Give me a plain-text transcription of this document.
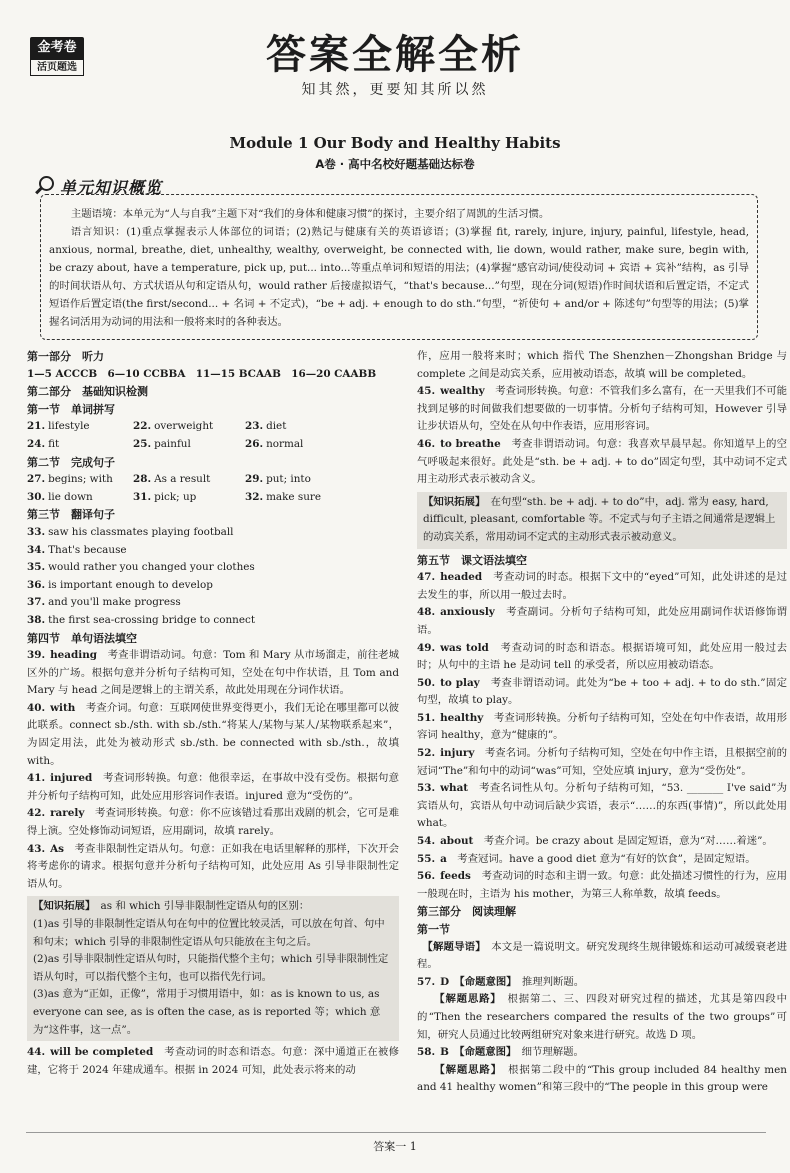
金考卷
活页题选	答案全解全析
知其然，更要知其所以然
Module 1 Our Body and Healthy Habits
A卷 · 高中名校好题基础达标卷
单元知识概览

主题语境：本单元为“人与自我”主题下对“我们的身体和健康习惯”的探讨，主要介绍了周凯的生活习惯。

语言知识：(1)重点掌握表示人体部位的词语；(2)熟记与健康有关的英语谚语；(3)掌握 fit, rarely, injure, injury, painful, lifestyle, head, anxious, normal, breathe, diet, unhealthy, wealthy, overweight, be connected with, lie down, would rather, make sure, begin with, be crazy about, have a temperature, pick up, put... into...等重点单词和短语的用法；(4)掌握“感官动词/使役动词 + 宾语 + 宾补”结构，as 引导的时间状语从句、方式状语从句和定语从句，would rather 后接虚拟语气，“that's because...”句型，现在分词(短语)作时间状语和后置定语，不定式短语作后置定语(the first/second... + 名词 + 不定式)，“be + adj. + enough to do sth.”句型，“祈使句 + and/or + 陈述句”句型等的用法；(5)掌握名词活用为动词的用法和一般将来时的各种表达。

第一部分　听力
1—5 ACCCB　6—10 CCBBA　11—15 BCAAB　16—20 CAABB
第二部分　基础知识检测
第一节　单词拼写
21. lifestyle	22. overweight	23. diet
24. fit	25. painful	26. normal
第二节　完成句子
27. begins; with	28. As a result	29. put; into
30. lie down	31. pick; up	32. make sure
第三节　翻译句子
33. saw his classmates playing football
34. That's because
35. would rather you changed your clothes
36. is important enough to develop
37. and you'll make progress
38. the first sea-crossing bridge to connect
第四节　单句语法填空

39. heading　 考查非谓语动词。句意：Tom 和 Mary 从市场溜走，前往老城区外的广场。根据句意并分析句子结构可知，空处在句中作状语，且 Tom and Mary 与 head 之间是逻辑上的主谓关系，故此处用现在分词作状语。

40. with　 考查介词。句意：互联网使世界变得更小，我们无论在哪里都可以彼此联系。connect sb./sth. with sb./sth.“将某人/某物与某人/某物联系起来”，为固定用法，此处为被动形式 sb./sth. be connected with sb./sth.，故填 with。

41. injured　 考查词形转换。句意：他很幸运，在事故中没有受伤。根据句意并分析句子结构可知，此处应用形容词作表语。injured 意为“受伤的”。

42. rarely　 考查词形转换。句意：你不应该错过看那出戏剧的机会，它可是难得上演。空处修饰动词短语，应用副词，故填 rarely。

43. As　 考查非限制性定语从句。句意：正如我在电话里解释的那样，下次开会将考虑你的请求。根据句意并分析句子结构可知，此处应用 As 引导非限制性定语从句。

【知识拓展】　 as 和 which 引导非限制性定语从句的区别：
(1)as 引导的非限制性定语从句在句中的位置比较灵活，可以放在句首、句中和句末；which 引导的非限制性定语从句只能放在主句之后。
(2)as 引导非限制性定语从句时，只能指代整个主句；which 引导非限制性定语从句时，可以指代整个主句，也可以指代先行词。
(3)as 意为“正如，正像”，常用于习惯用语中，如：as is known to us, as everyone can see, as is often the case, as is reported 等；which 意为“这件事，这一点”。

44. will be completed　 考查动词的时态和语态。句意：深中通道正在被修建，它将于 2024 年建成通车。根据 in 2024 可知，此处表示将来的动

作，应用一般将来时；which 指代 The Shenzhen－Zhongshan Bridge 与 complete 之间是动宾关系，应用被动语态，故填 will be completed。

45. wealthy　 考查词形转换。句意：不管我们多么富有，在一天里我们不可能找到足够的时间做我们想要做的一切事情。分析句子结构可知，However 引导让步状语从句，空处在从句中作表语，应用形容词。

46. to breathe　 考查非谓语动词。句意：我喜欢早晨早起。你知道早上的空气呼吸起来很好。此处是“sth. be + adj. + to do”固定句型，其中动词不定式用主动形式表示被动含义。

【知识拓展】　 在句型“sth. be + adj. + to do”中，adj. 常为 easy, hard, difficult, pleasant, comfortable 等。不定式与句子主语之间通常是逻辑上的动宾关系，常用动词不定式的主动形式表示被动意义。
第五节　课文语法填空

47. headed　 考查动词的时态。根据下文中的“eyed”可知，此处讲述的是过去发生的事，所以用一般过去时。

48. anxiously　 考查副词。分析句子结构可知，此处应用副词作状语修饰谓语。

49. was told　 考查动词的时态和语态。根据语境可知，此处应用一般过去时；从句中的主语 he 是动词 tell 的承受者，所以应用被动语态。

50. to play　 考查非谓语动词。此处为“be + too + adj. + to do sth.”固定句型，故填 to play。

51. healthy　 考查词形转换。分析句子结构可知，空处在句中作表语，故用形容词 healthy，意为“健康的”。

52. injury　 考查名词。分析句子结构可知，空处在句中作主语，且根据空前的冠词“The”和句中的动词“was”可知，空处应填 injury，意为“受伤处”。

53. what　 考查名词性从句。分析句子结构可知，“53. _______ I've said”为宾语从句，宾语从句中动词后缺少宾语，表示“……的东西(事情)”，所以此处用 what。

54. about　 考查介词。be crazy about 是固定短语，意为“对……着迷”。

55. a　 考查冠词。have a good diet 意为“有好的饮食”，是固定短语。

56. feeds　 考查动词的时态和主谓一致。句意：此处描述习惯性的行为，应用一般现在时，主语为 his mother，为第三人称单数，故填 feeds。

第三部分　阅读理解
第一节

　【解题导语】　 本文是一篇说明文。研究发现终生规律锻炼和运动可减缓衰老进程。

57. D　 【命题意图】　 推理判断题。

　　【解题思路】　 根据第二、三、四段对研究过程的描述，尤其是第四段中的“Then the researchers compared the results of the two groups”可知，研究人员通过比较两组研究对象来进行研究。故选 D 项。

58. B　 【命题意图】　 细节理解题。

　　【解题思路】　 根据第二段中的“This group included 84 healthy men and 41 healthy women”和第三段中的“The people in this group were

答案一 1
